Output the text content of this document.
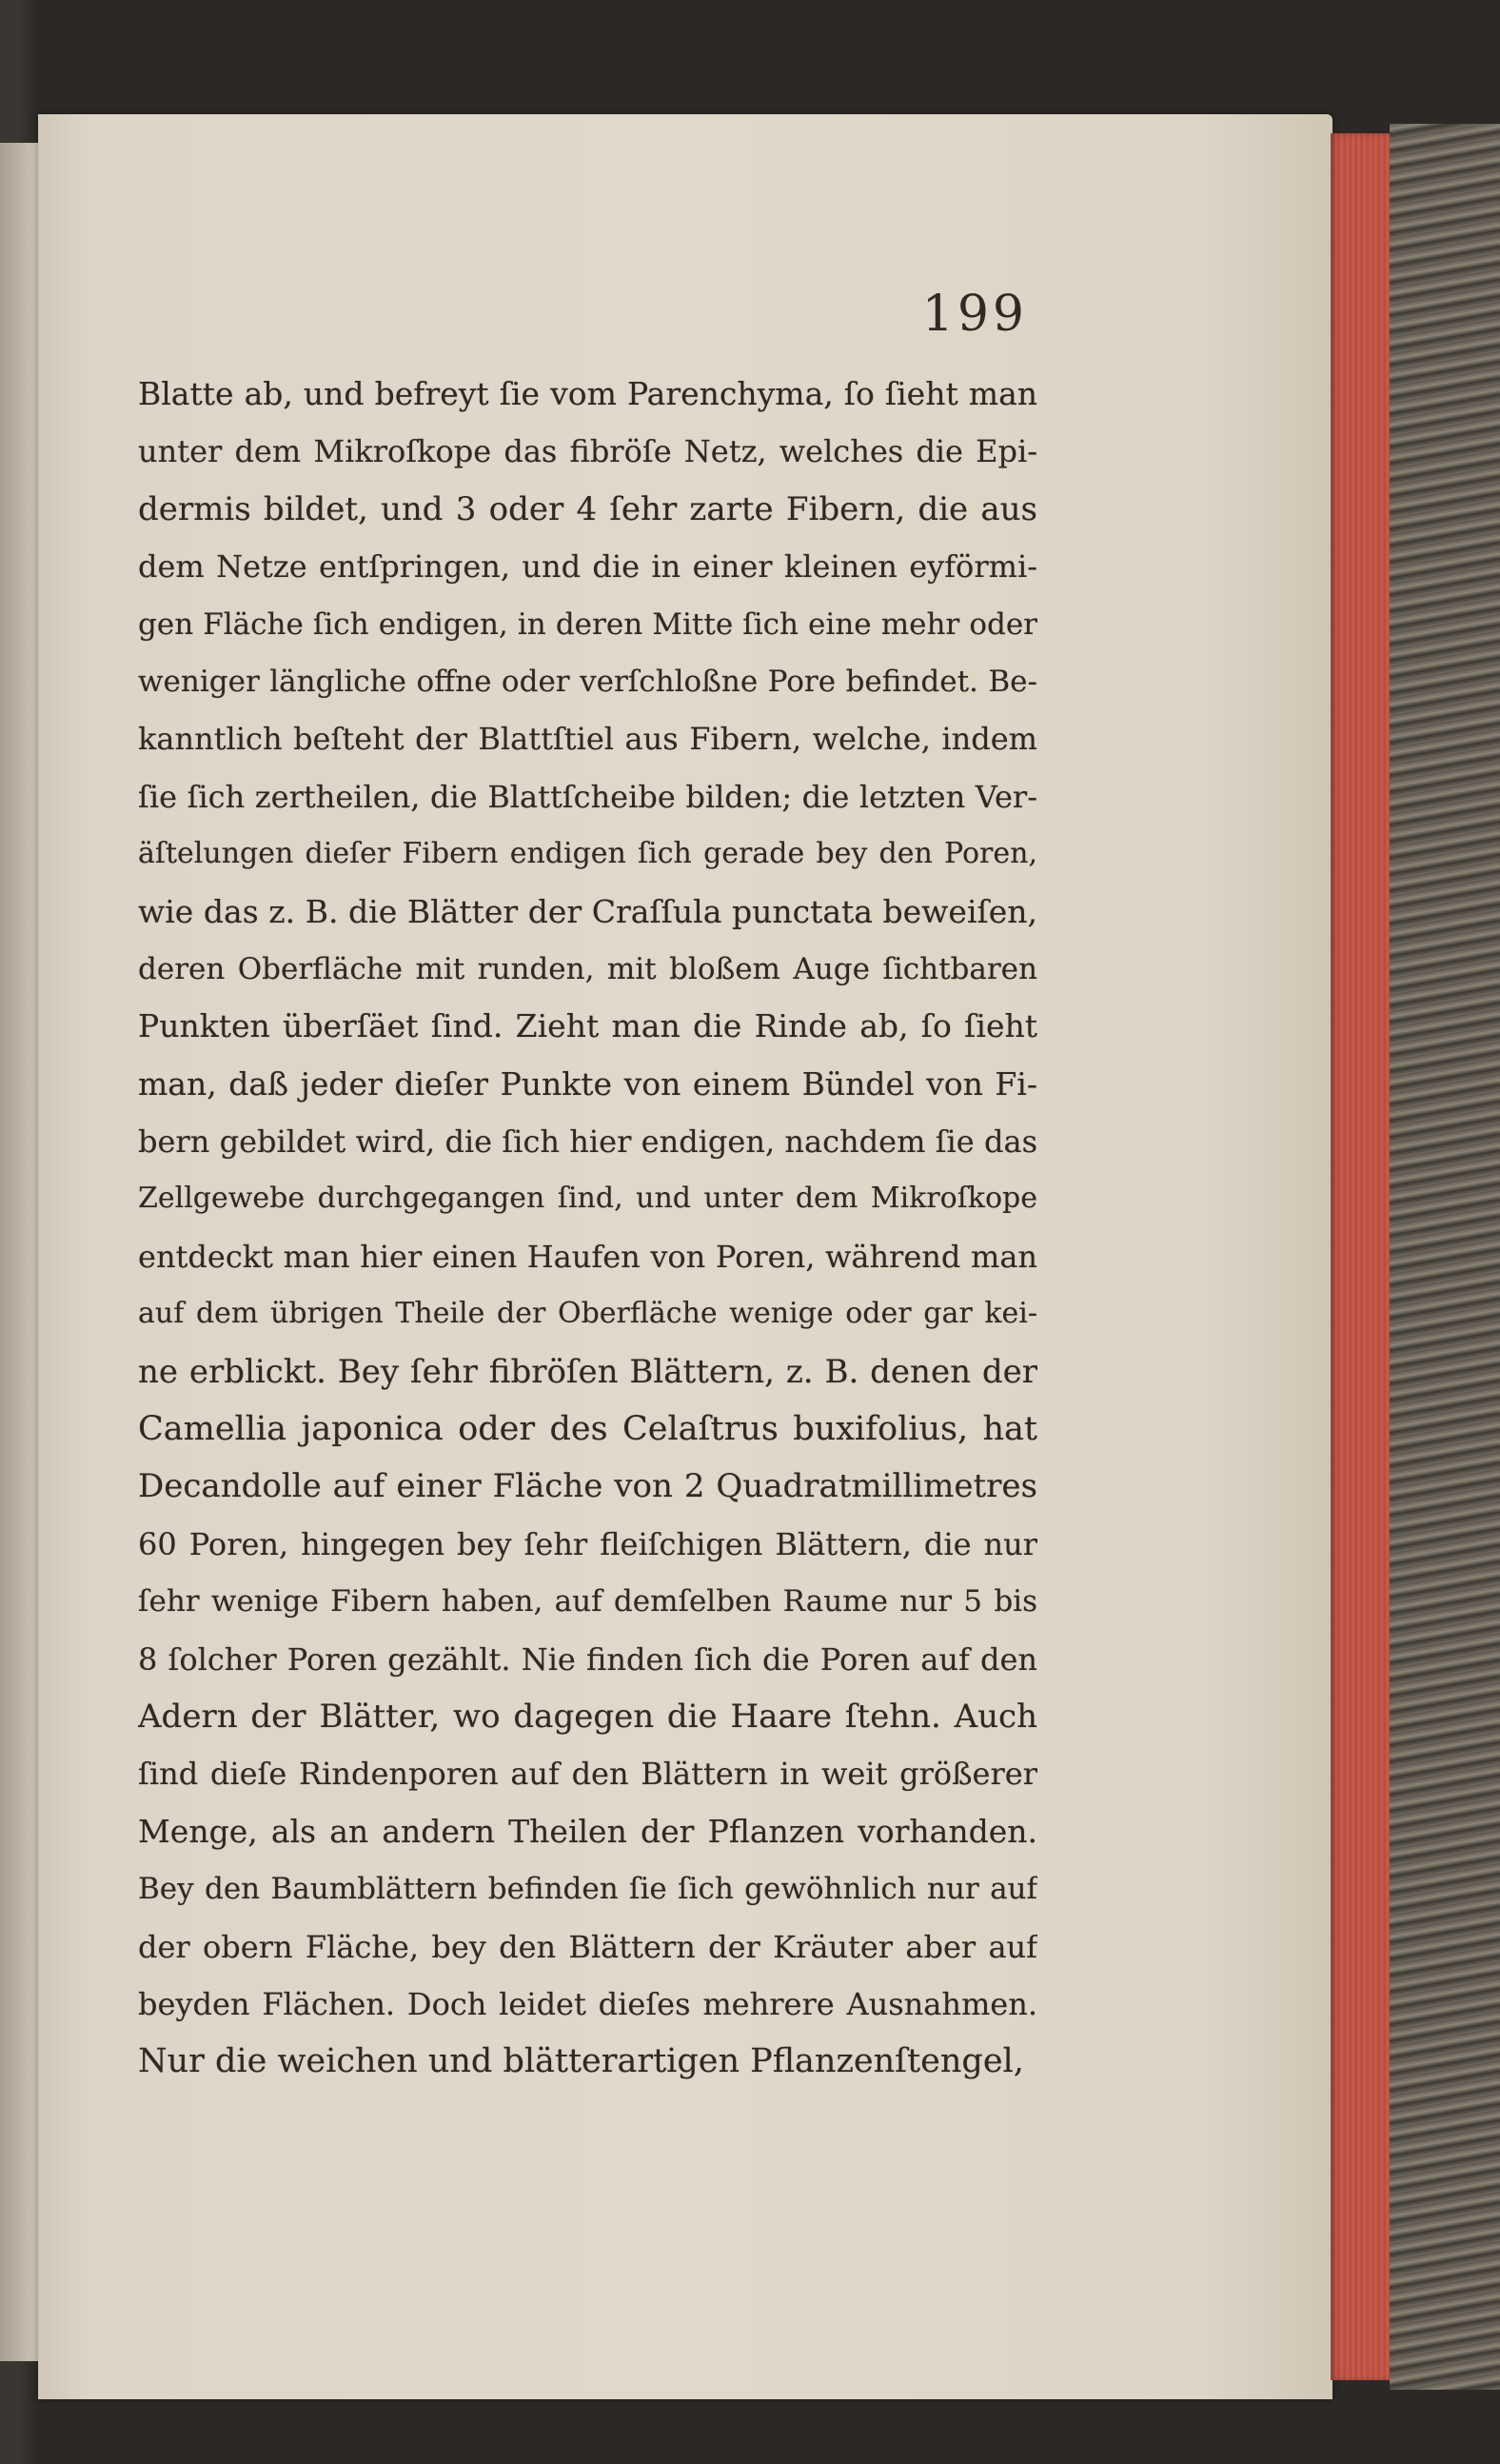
199
Blatte ab, und befreyt ſie vom Parenchyma, ſo ſieht man
unter dem Mikroſkope das fibröſe Netz, welches die Epi-
dermis bildet, und 3 oder 4 ſehr zarte Fibern, die aus
dem Netze entſpringen, und die in einer kleinen eyförmi-
gen Fläche ſich endigen, in deren Mitte ſich eine mehr oder
weniger längliche offne oder verſchloßne Pore befindet. Be-
kanntlich beſteht der Blattſtiel aus Fibern, welche, indem
ſie ſich zertheilen, die Blattſcheibe bilden; die letzten Ver-
äſtelungen dieſer Fibern endigen ſich gerade bey den Poren,
wie das z. B. die Blätter der Craſſula punctata beweiſen,
deren Oberfläche mit runden, mit bloßem Auge ſichtbaren
Punkten überſäet ſind. Zieht man die Rinde ab, ſo ſieht
man, daß jeder dieſer Punkte von einem Bündel von Fi-
bern gebildet wird, die ſich hier endigen, nachdem ſie das
Zellgewebe durchgegangen ſind, und unter dem Mikroſkope
entdeckt man hier einen Haufen von Poren, während man
auf dem übrigen Theile der Oberfläche wenige oder gar kei-
ne erblickt. Bey ſehr fibröſen Blättern, z. B. denen der
Camellia japonica oder des Celaſtrus buxifolius, hat
Decandolle auf einer Fläche von 2 Quadratmillimetres
60 Poren, hingegen bey ſehr fleiſchigen Blättern, die nur
ſehr wenige Fibern haben, auf demſelben Raume nur 5 bis
8 ſolcher Poren gezählt. Nie finden ſich die Poren auf den
Adern der Blätter, wo dagegen die Haare ſtehn. Auch
ſind dieſe Rindenporen auf den Blättern in weit größerer
Menge, als an andern Theilen der Pflanzen vorhanden.
Bey den Baumblättern befinden ſie ſich gewöhnlich nur auf
der obern Fläche, bey den Blättern der Kräuter aber auf
beyden Flächen. Doch leidet dieſes mehrere Ausnahmen.
Nur die weichen und blätterartigen Pflanzenſtengel,
